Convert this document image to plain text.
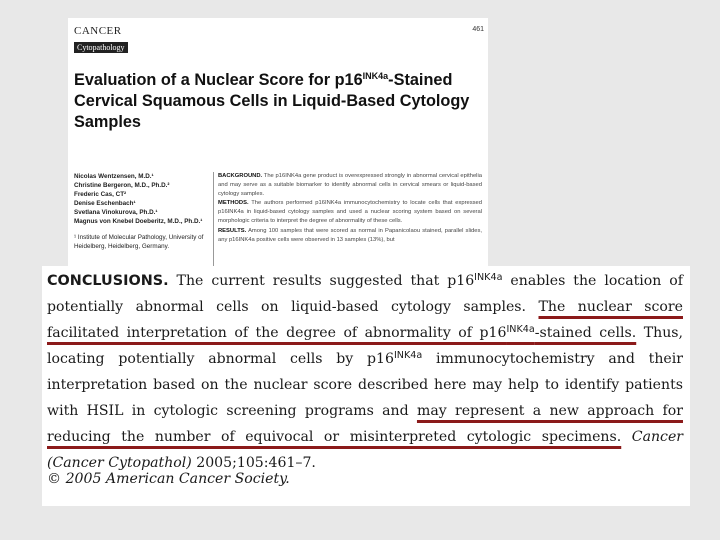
CANCER
Cytopathology
461
Evaluation of a Nuclear Score for $p16^{INK4a}$-Stained Cervical Squamous Cells in Liquid-Based Cytology Samples
Nicolas Wentzensen, M.D.¹
Christine Bergeron, M.D., Ph.D.²
Frederic Cas, CT²
Denise Eschenbach¹
Svetlana Vinokurova, Ph.D.¹
Magnus von Knebel Doeberitz, M.D., Ph.D.¹
¹ Institute of Molecular Pathology, University of Heidelberg, Heidelberg, Germany.
BACKGROUND. The p16INK4a gene product is overexpressed strongly in abnormal cervical epithelia and may serve as a suitable biomarker to identify abnormal cells in cervical smears or liquid-based cytology samples.
METHODS. The authors performed p16INK4a immunocytochemistry to locate cells that expressed p16INK4a in liquid-based cytology samples and used a nuclear scoring system based on several morphologic criteria to interpret the degree of abnormality of these cells.
RESULTS. Among 100 samples that were scored as normal in Papanicolaou stained, parallel slides, any p16INK4a positive cells were observed in 13 samples (13%), but
CONCLUSIONS. The current results suggested that $p16^{INK4a}$ enables the location of potentially abnormal cells on liquid-based cytology samples. The nuclear score facilitated interpretation of the degree of abnormality of $p16^{INK4a}$-stained cells. Thus, locating potentially abnormal cells by $p16^{INK4a}$ immunocytochemistry and their interpretation based on the nuclear score described here may help to identify patients with HSIL in cytologic screening programs and may represent a new approach for reducing the number of equivocal or misinterpreted cytologic specimens. Cancer (Cancer Cytopathol) 2005;105:461–7.
© 2005 American Cancer Society.
